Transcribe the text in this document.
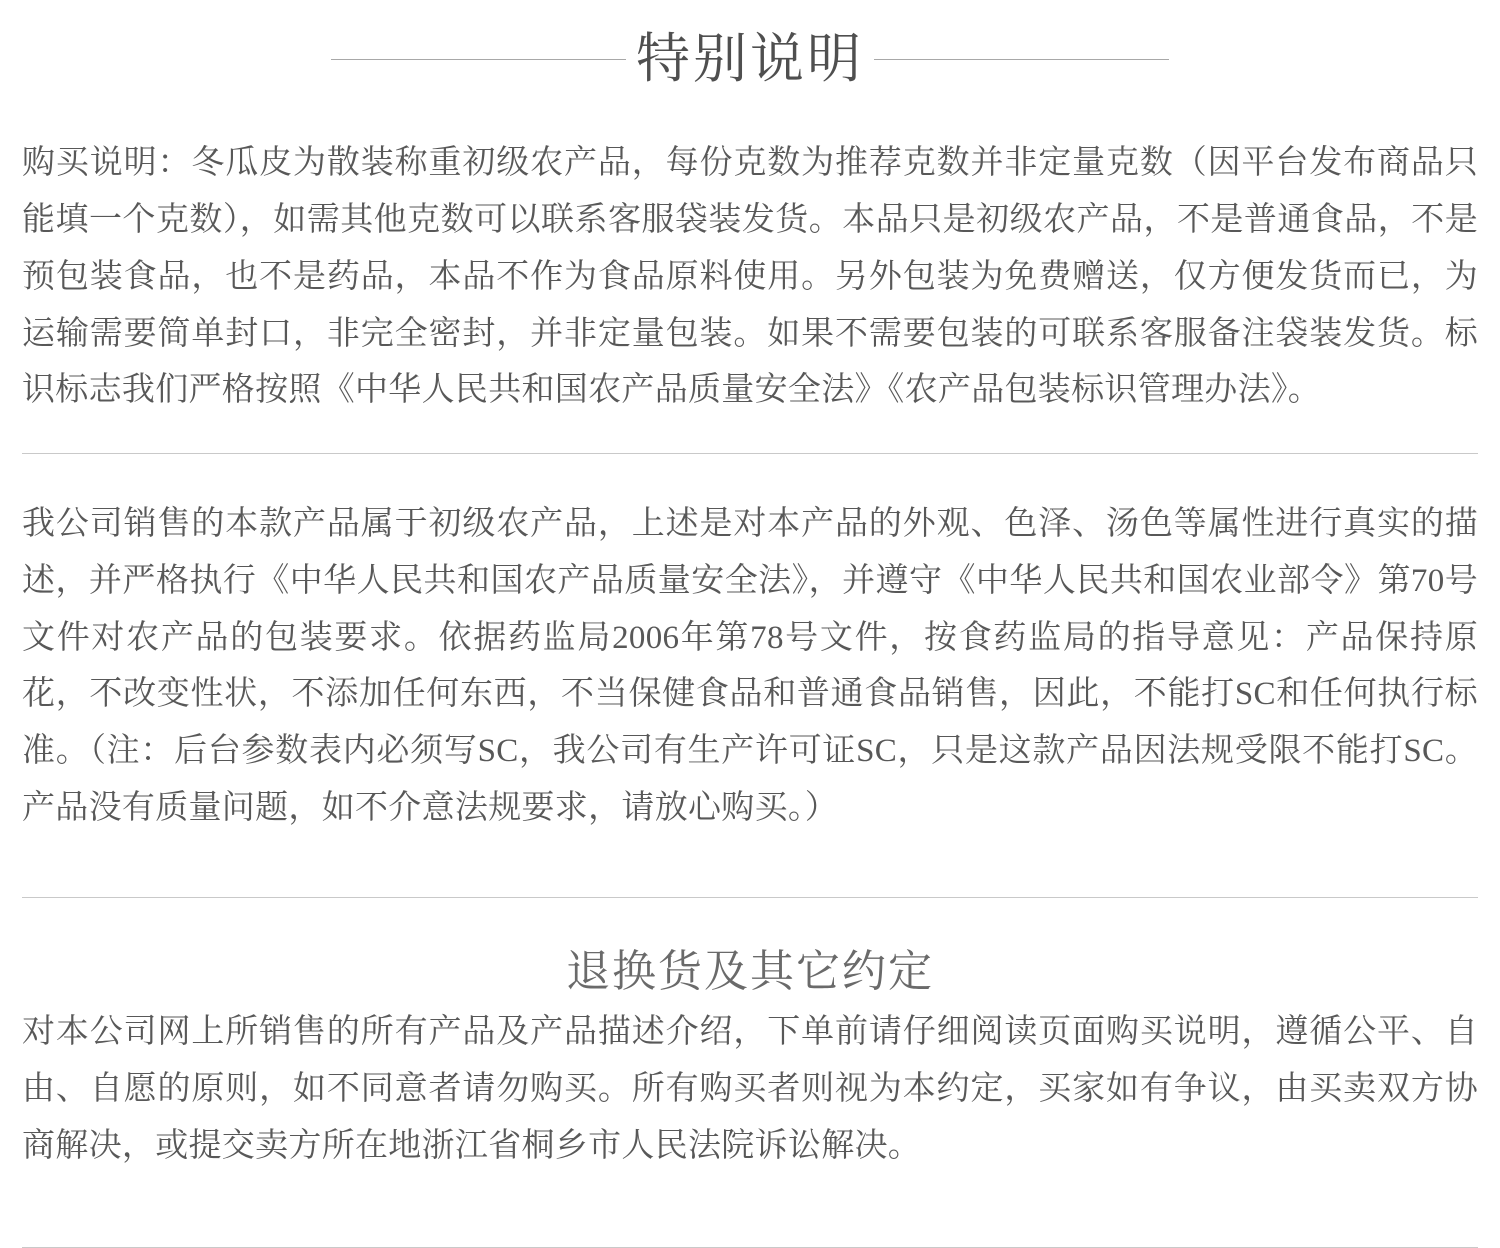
特别说明

购买说明：冬瓜皮为散装称重初级农产品，每份克数为推荐克数并非定量克数（因平台发布商品只能填一个克数），如需其他克数可以联系客服袋装发货。本品只是初级农产品，不是普通食品，不是预包装食品，也不是药品，本品不作为食品原料使用。另外包装为免费赠送，仅方便发货而已，为运输需要简单封口，非完全密封，并非定量包装。如果不需要包装的可联系客服备注袋装发货。标识标志我们严格按照《中华人民共和国农产品质量安全法》《农产品包装标识管理办法》。

我公司销售的本款产品属于初级农产品，上述是对本产品的外观、色泽、汤色等属性进行真实的描述，并严格执行《中华人民共和国农产品质量安全法》，并遵守《中华人民共和国农业部令》第70号文件对农产品的包装要求。依据药监局2006年第78号文件，按食药监局的指导意见：产品保持原花，不改变性状，不添加任何东西，不当保健食品和普通食品销售，因此，不能打SC和任何执行标准。（注：后台参数表内必须写SC，我公司有生产许可证SC，只是这款产品因法规受限不能打SC。产品没有质量问题，如不介意法规要求，请放心购买。）

退换货及其它约定

对本公司网上所销售的所有产品及产品描述介绍，下单前请仔细阅读页面购买说明，遵循公平、自由、自愿的原则，如不同意者请勿购买。所有购买者则视为本约定，买家如有争议，由买卖双方协商解决，或提交卖方所在地浙江省桐乡市人民法院诉讼解决。
